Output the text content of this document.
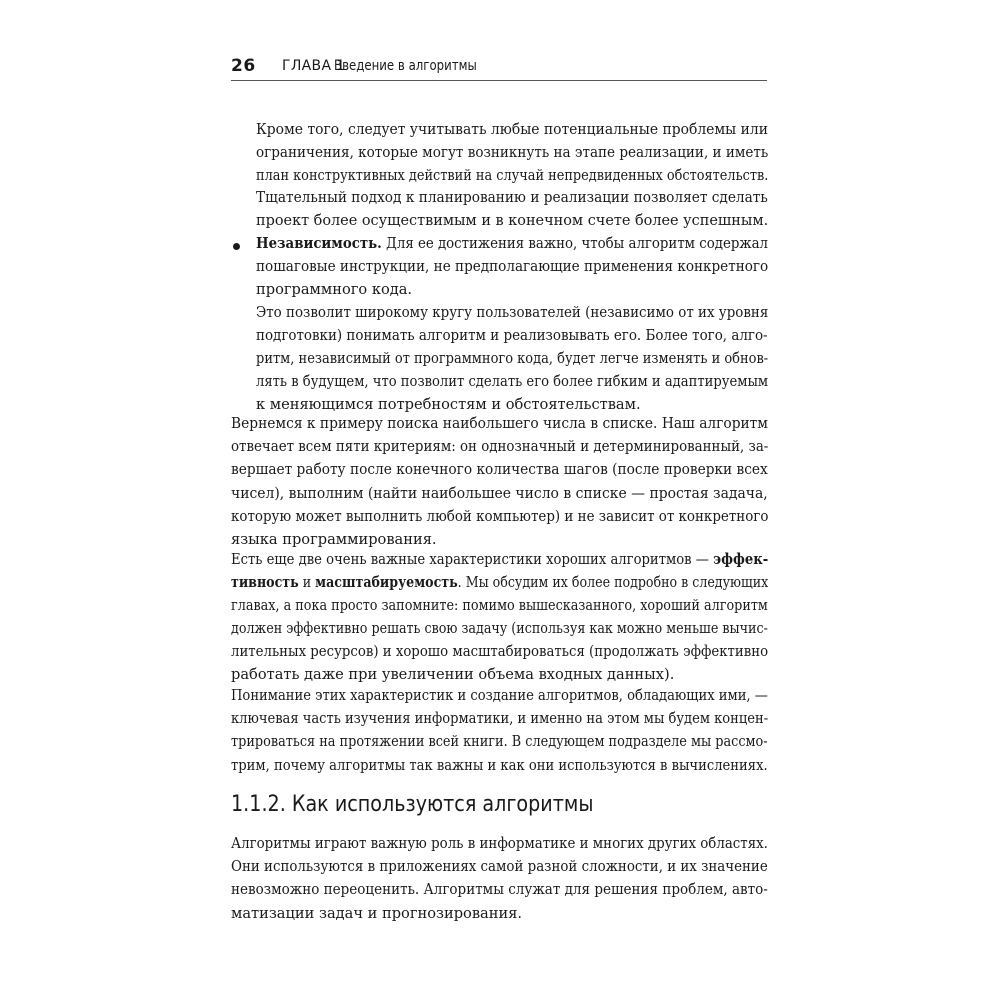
26 ГЛАВА 1
Введение в алгоритмы
1.1.2. Как используются алгоритмы
Кроме того, следует учитывать любые потенциальные проблемы или
ограничения, которые могут возникнуть на этапе реализации, и иметь
план конструктивных действий на случай непредвиденных обстоятельств.
Тщательный подход к планированию и реализации позволяет сделать
проект более осуществимым и в конечном счете более успешным.
Независимость. Для ее достижения важно, чтобы алгоритм содержал
пошаговые инструкции, не предполагающие применения конкретного
программного кода.
Это позволит широкому кругу пользователей (независимо от их уровня
подготовки) понимать алгоритм и реализовывать его. Более того, алго-
ритм, независимый от программного кода, будет легче изменять и обнов-
лять в будущем, что позволит сделать его более гибким и адаптируемым
к меняющимся потребностям и обстоятельствам.
Вернемся к примеру поиска наибольшего числа в списке. Наш алгоритм
отвечает всем пяти критериям: он однозначный и детерминированный, за-
вершает работу после конечного количества шагов (после проверки всех
чисел), выполним (найти наибольшее число в списке — простая задача,
которую может выполнить любой компьютер) и не зависит от конкретного
языка программирования.
Есть еще две очень важные характеристики хороших алгоритмов — эффек-
тивность и масштабируемость. Мы обсудим их более подробно в следующих
главах, а пока просто запомните: помимо вышесказанного, хороший алгоритм
должен эффективно решать свою задачу (используя как можно меньше вычис-
лительных ресурсов) и хорошо масштабироваться (продолжать эффективно
работать даже при увеличении объема входных данных).
Понимание этих характеристик и создание алгоритмов, обладающих ими, —
ключевая часть изучения информатики, и именно на этом мы будем концен-
трироваться на протяжении всей книги. В следующем подразделе мы рассмо-
трим, почему алгоритмы так важны и как они используются в вычислениях.
Алгоритмы играют важную роль в информатике и многих других областях.
Они используются в приложениях самой разной сложности, и их значение
невозможно переоценить. Алгоритмы служат для решения проблем, авто-
матизации задач и прогнозирования.
